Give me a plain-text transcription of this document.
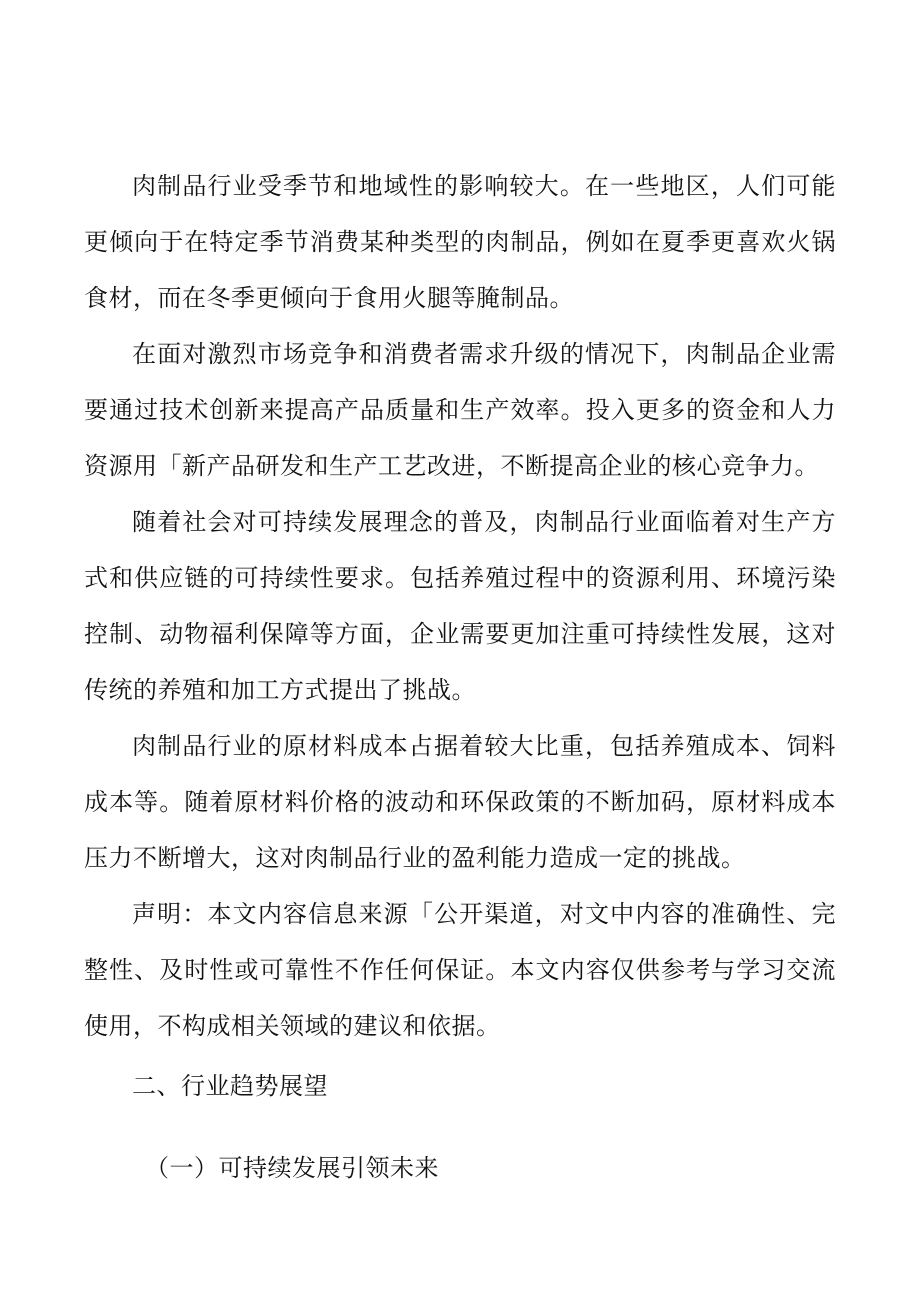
肉制品行业受季节和地域性的影响较大。在一些地区，人们可能更倾向于在特定季节消费某种类型的肉制品，例如在夏季更喜欢火锅食材，而在冬季更倾向于食用火腿等腌制品。

在面对激烈市场竞争和消费者需求升级的情况下，肉制品企业需要通过技术创新来提高产品质量和生产效率。投入更多的资金和人力资源用「新产品研发和生产工艺改进，不断提高企业的核心竞争力。

随着社会对可持续发展理念的普及，肉制品行业面临着对生产方式和供应链的可持续性要求。包括养殖过程中的资源利用、环境污染控制、动物福利保障等方面，企业需要更加注重可持续性发展，这对传统的养殖和加工方式提出了挑战。

肉制品行业的原材料成本占据着较大比重，包括养殖成本、饲料成本等。随着原材料价格的波动和环保政策的不断加码，原材料成本压力不断增大，这对肉制品行业的盈利能力造成一定的挑战。

声明：本文内容信息来源「公开渠道，对文中内容的准确性、完整性、及时性或可靠性不作任何保证。本文内容仅供参考与学习交流使用，不构成相关领域的建议和依据。

二、行业趋势展望
（一）可持续发展引领未来
